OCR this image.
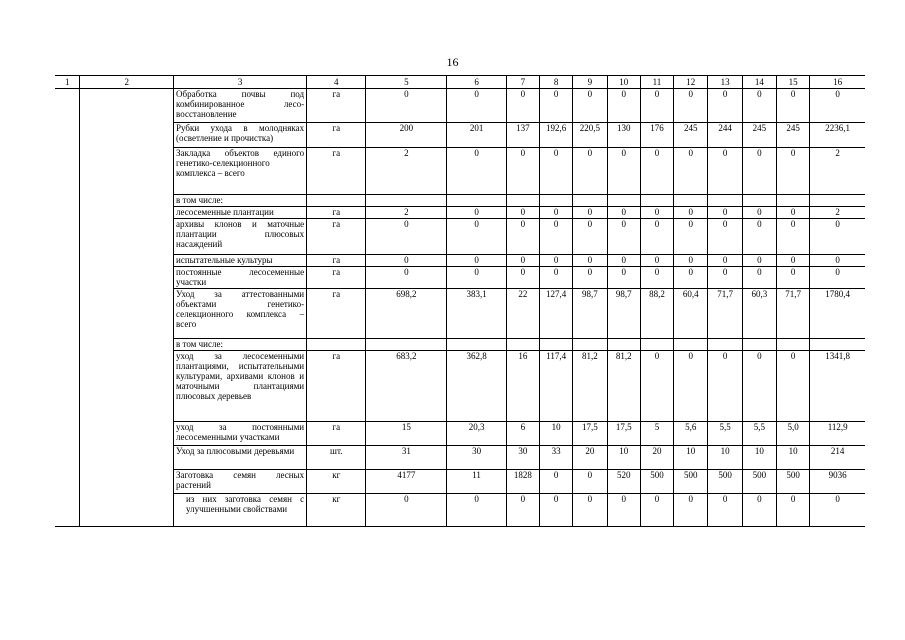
16
1	2	3	4	5	6	7	8	9	10	11	12	13	14	15	16
		Обработка почвы под комбинированное лесо-восстановление	га	0	0	0	0	0	0	0	0	0	0	0	0
		Рубки ухода в молодняках (осветление и прочистка)	га	200	201	137	192,6	220,5	130	176	245	244	245	245	2236,1
		Закладка объектов единого генетико-селекционного комплекса – всего	га	2	0	0	0	0	0	0	0	0	0	0	2
		в том числе:													
		лесосеменные плантации	га	2	0	0	0	0	0	0	0	0	0	0	2
		архивы клонов и маточные плантации плюсовых насаждений	га	0	0	0	0	0	0	0	0	0	0	0	0
		испытательные культуры	га	0	0	0	0	0	0	0	0	0	0	0	0
		постоянные лесосеменные участки	га	0	0	0	0	0	0	0	0	0	0	0	0
		Уход за аттестованными объектами генетико-селекционного комплекса – всего	га	698,2	383,1	22	127,4	98,7	98,7	88,2	60,4	71,7	60,3	71,7	1780,4
		в том числе:													
		уход за лесосеменными плантациями, испытательными культурами, архивами клонов и маточными плантациями плюсовых деревьев	га	683,2	362,8	16	117,4	81,2	81,2	0	0	0	0	0	1341,8
		уход за постоянными лесосеменными участками	га	15	20,3	6	10	17,5	17,5	5	5,6	5,5	5,5	5,0	112,9
		Уход за плюсовыми деревьями	шт.	31	30	30	33	20	10	20	10	10	10	10	214
		Заготовка семян лесных растений	кг	4177	11	1828	0	0	520	500	500	500	500	500	9036
		из них заготовка семян с улучшенными свойствами	кг	0	0	0	0	0	0	0	0	0	0	0	0
